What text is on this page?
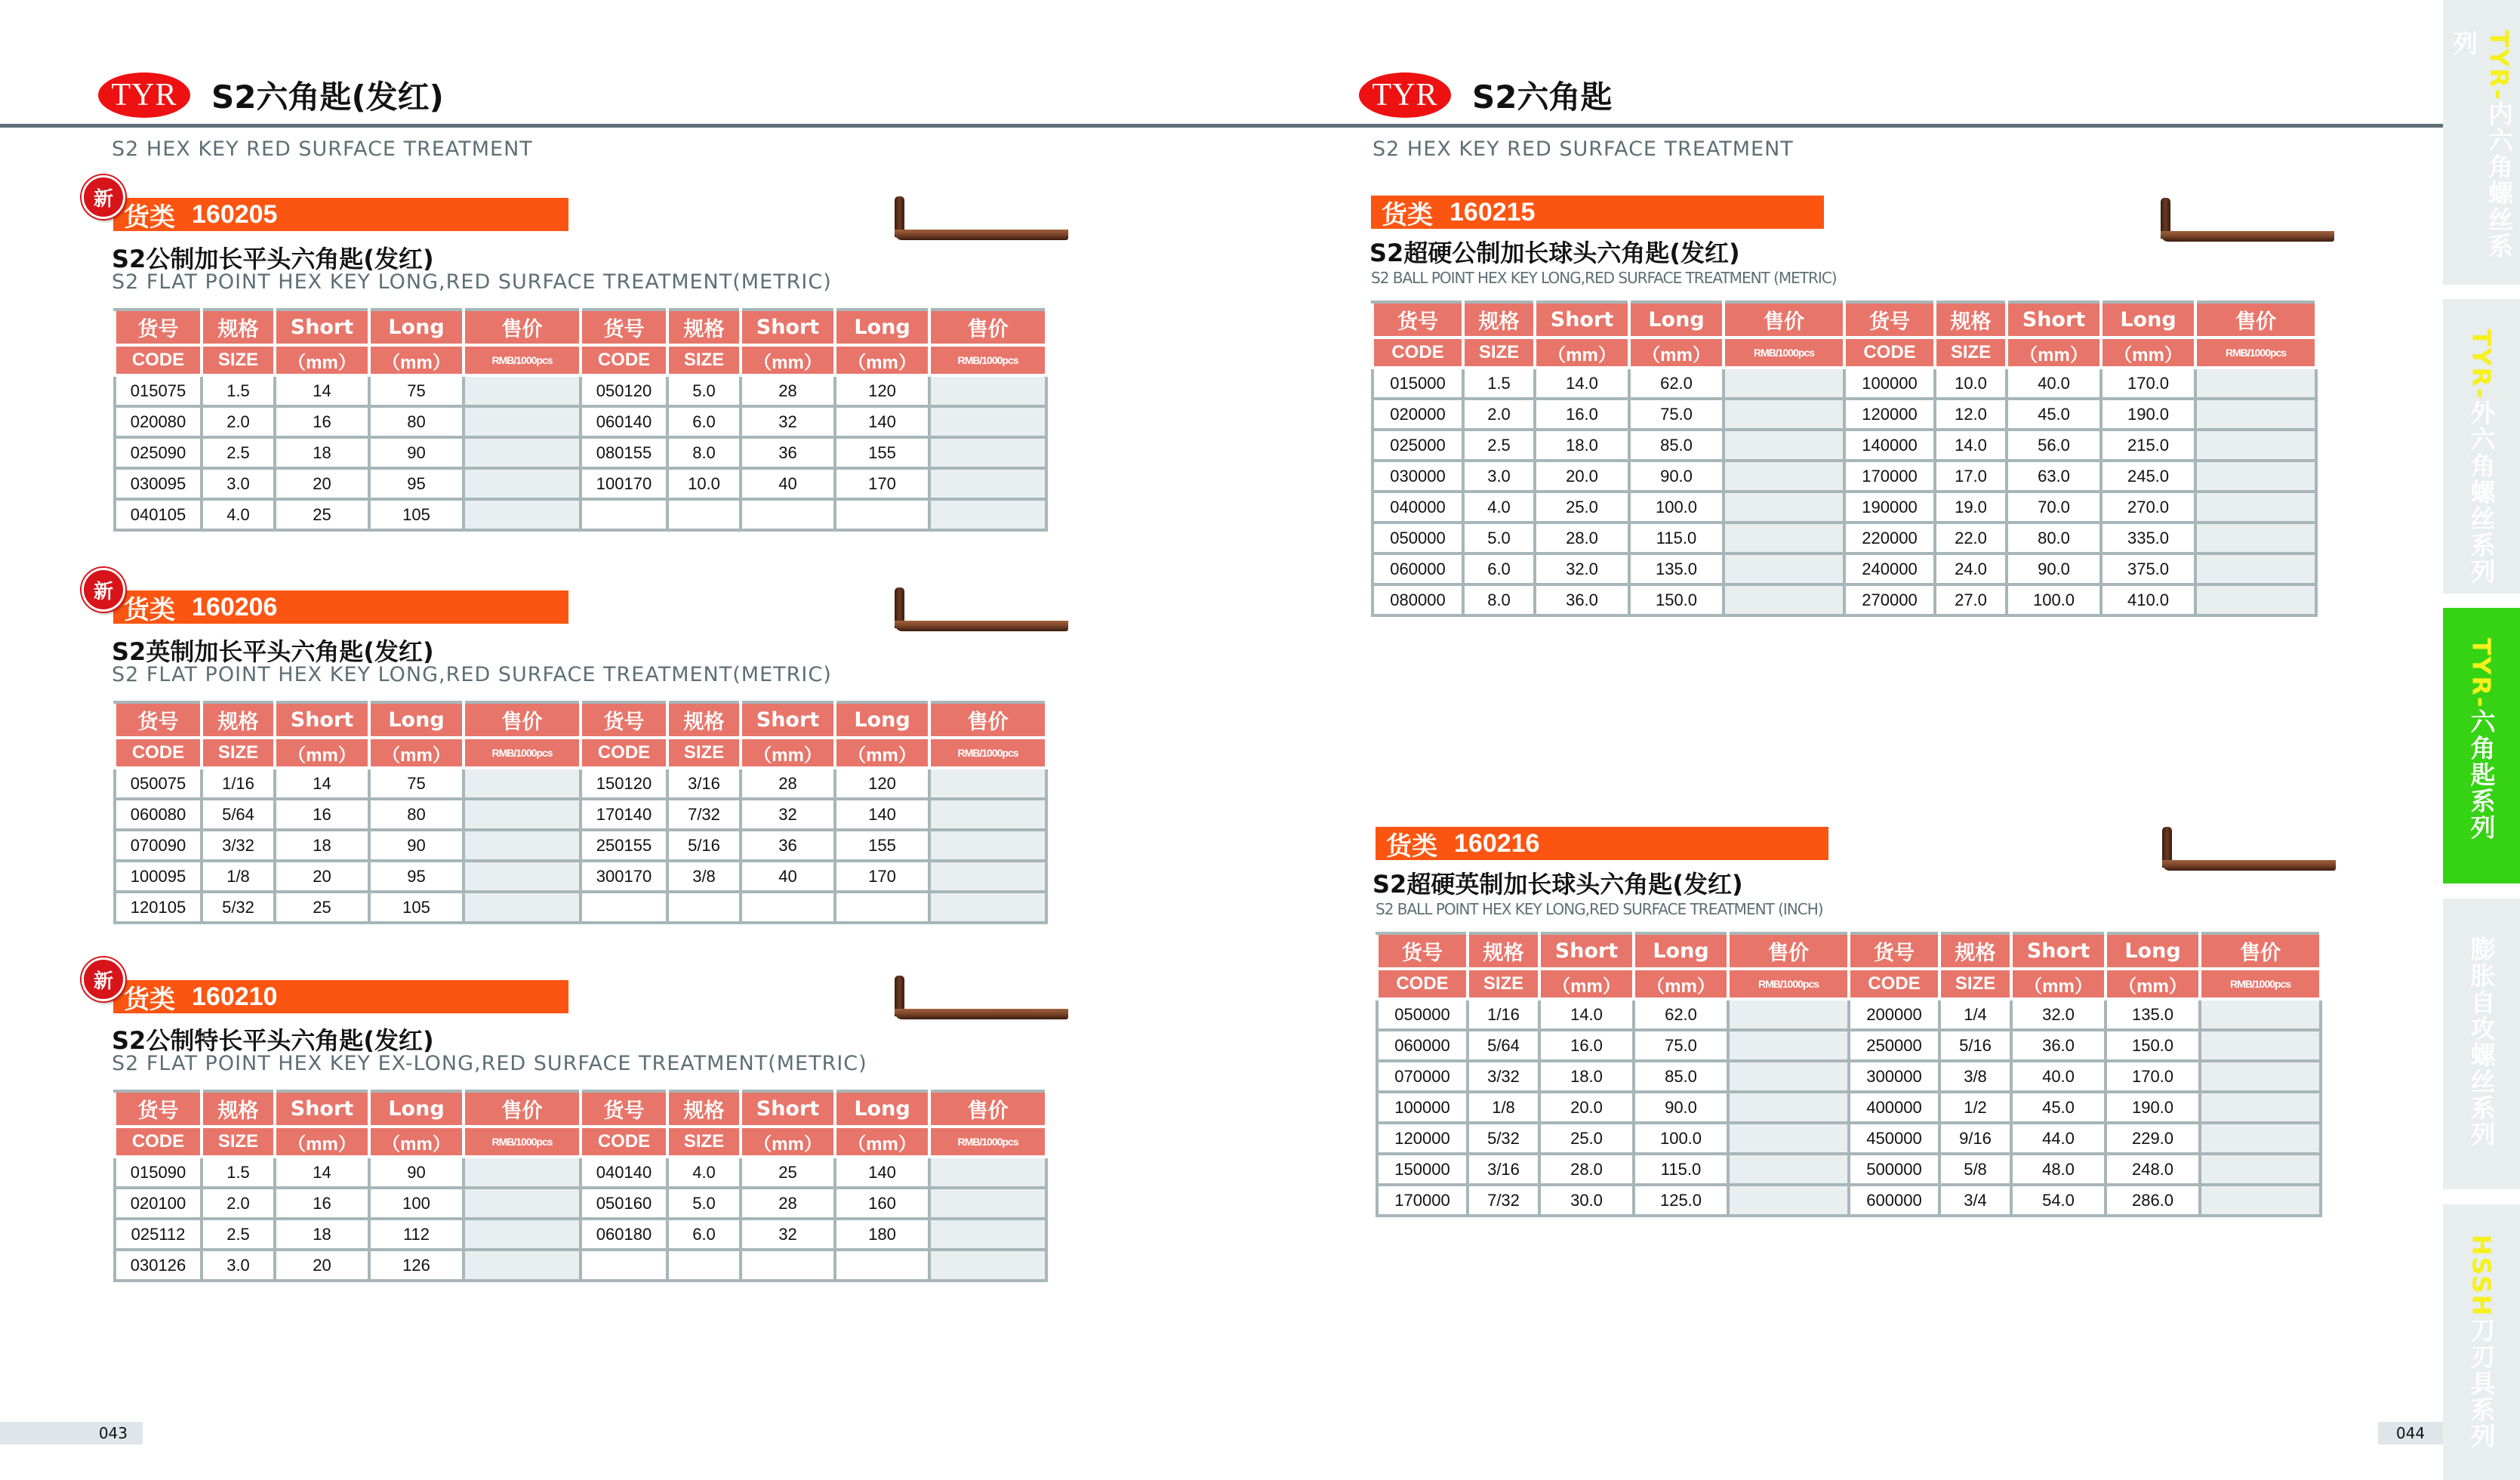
TYR	S2六角匙(发红)
S2 HEX KEY RED SURFACE TREATMENT
TYR	S2六角匙
S2 HEX KEY RED SURFACE TREATMENT
新
货类 160205
S2公制加长平头六角匙(发红)
S2 FLAT POINT HEX KEY LONG,RED SURFACE TREATMENT(METRIC)
货号	规格	Short	Long	售价	货号	规格	Short	Long	售价
CODE	SIZE	（mm）	（mm）	RMB/1000pcs	CODE	SIZE	（mm）	（mm）	RMB/1000pcs
015075	1.5	14	75		050120	5.0	28	120	
020080	2.0	16	80		060140	6.0	32	140	
025090	2.5	18	90		080155	8.0	36	155	
030095	3.0	20	95		100170	10.0	40	170	
040105	4.0	25	105						
新
货类 160206
S2英制加长平头六角匙(发红)
S2 FLAT POINT HEX KEY LONG,RED SURFACE TREATMENT(METRIC)
货号	规格	Short	Long	售价	货号	规格	Short	Long	售价
CODE	SIZE	（mm）	（mm）	RMB/1000pcs	CODE	SIZE	（mm）	（mm）	RMB/1000pcs
050075	1/16	14	75		150120	3/16	28	120	
060080	5/64	16	80		170140	7/32	32	140	
070090	3/32	18	90		250155	5/16	36	155	
100095	1/8	20	95		300170	3/8	40	170	
120105	5/32	25	105						
新
货类 160210
S2公制特长平头六角匙(发红)
S2 FLAT POINT HEX KEY EX-LONG,RED SURFACE TREATMENT(METRIC)
货号	规格	Short	Long	售价	货号	规格	Short	Long	售价
CODE	SIZE	（mm）	（mm）	RMB/1000pcs	CODE	SIZE	（mm）	（mm）	RMB/1000pcs
015090	1.5	14	90		040140	4.0	25	140	
020100	2.0	16	100		050160	5.0	28	160	
025112	2.5	18	112		060180	6.0	32	180	
030126	3.0	20	126						
货类 160215
S2超硬公制加长球头六角匙(发红)
S2 BALL POINT HEX KEY LONG,RED SURFACE TREATMENT (METRIC)
货号	规格	Short	Long	售价	货号	规格	Short	Long	售价
CODE	SIZE	（mm）	（mm）	RMB/1000pcs	CODE	SIZE	（mm）	（mm）	RMB/1000pcs
015000	1.5	14.0	62.0		100000	10.0	40.0	170.0	
020000	2.0	16.0	75.0		120000	12.0	45.0	190.0	
025000	2.5	18.0	85.0		140000	14.0	56.0	215.0	
030000	3.0	20.0	90.0		170000	17.0	63.0	245.0	
040000	4.0	25.0	100.0		190000	19.0	70.0	270.0	
050000	5.0	28.0	115.0		220000	22.0	80.0	335.0	
060000	6.0	32.0	135.0		240000	24.0	90.0	375.0	
080000	8.0	36.0	150.0		270000	27.0	100.0	410.0	
货类 160216
S2超硬英制加长球头六角匙(发红)
S2 BALL POINT HEX KEY LONG,RED SURFACE TREATMENT (INCH)
货号	规格	Short	Long	售价	货号	规格	Short	Long	售价
CODE	SIZE	（mm）	（mm）	RMB/1000pcs	CODE	SIZE	（mm）	（mm）	RMB/1000pcs
050000	1/16	14.0	62.0		200000	1/4	32.0	135.0	
060000	5/64	16.0	75.0		250000	5/16	36.0	150.0	
070000	3/32	18.0	85.0		300000	3/8	40.0	170.0	
100000	1/8	20.0	90.0		400000	1/2	45.0	190.0	
120000	5/32	25.0	100.0		450000	9/16	44.0	229.0	
150000	3/16	28.0	115.0		500000	5/8	48.0	248.0	
170000	7/32	30.0	125.0		600000	3/4	54.0	286.0	
043	044
TYR-内六角螺丝系列
TYR-外六角螺丝系列
TYR-六角匙系列
膨胀自攻螺丝系列
HSSH刀刃具系列
